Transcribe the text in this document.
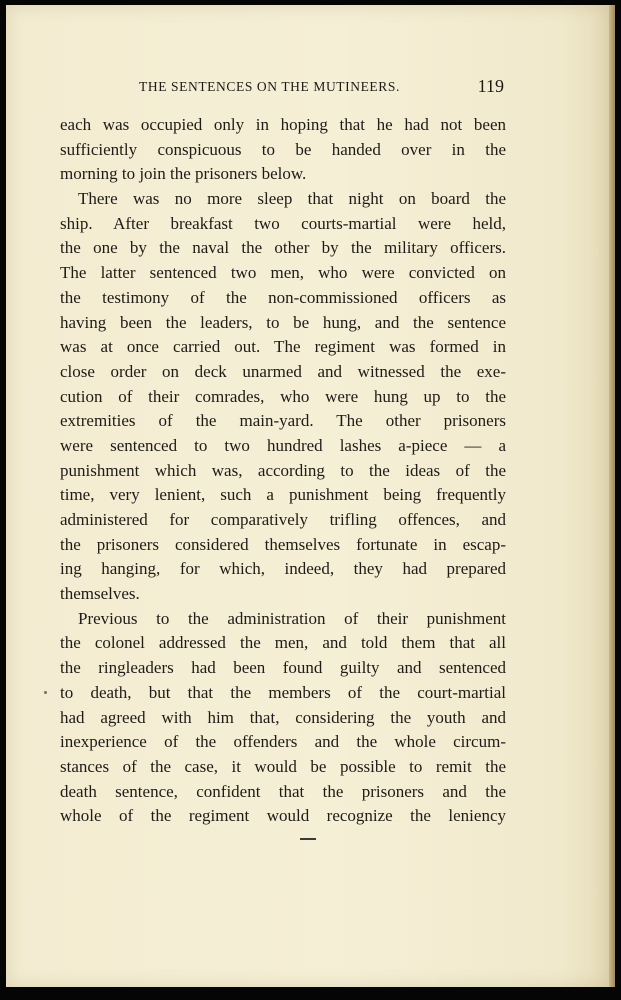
THE SENTENCES ON THE MUTINEERS.	119
each was occupied only in hoping that he had not been
sufficiently conspicuous to be handed over in the
morning to join the prisoners below.
There was no more sleep that night on board the
ship. After breakfast two courts-martial were held,
the one by the naval the other by the military officers.
The latter sentenced two men, who were convicted on
the testimony of the non-commissioned officers as
having been the leaders, to be hung, and the sentence
was at once carried out. The regiment was formed in
close order on deck unarmed and witnessed the exe-
cution of their comrades, who were hung up to the
extremities of the main-yard. The other prisoners
were sentenced to two hundred lashes a-piece — a
punishment which was, according to the ideas of the
time, very lenient, such a punishment being frequently
administered for comparatively trifling offences, and
the prisoners considered themselves fortunate in escap-
ing hanging, for which, indeed, they had prepared
themselves.
Previous to the administration of their punishment
the colonel addressed the men, and told them that all
the ringleaders had been found guilty and sentenced
to death, but that the members of the court-martial
had agreed with him that, considering the youth and
inexperience of the offenders and the whole circum-
stances of the case, it would be possible to remit the
death sentence, confident that the prisoners and the
whole of the regiment would recognize the leniency
